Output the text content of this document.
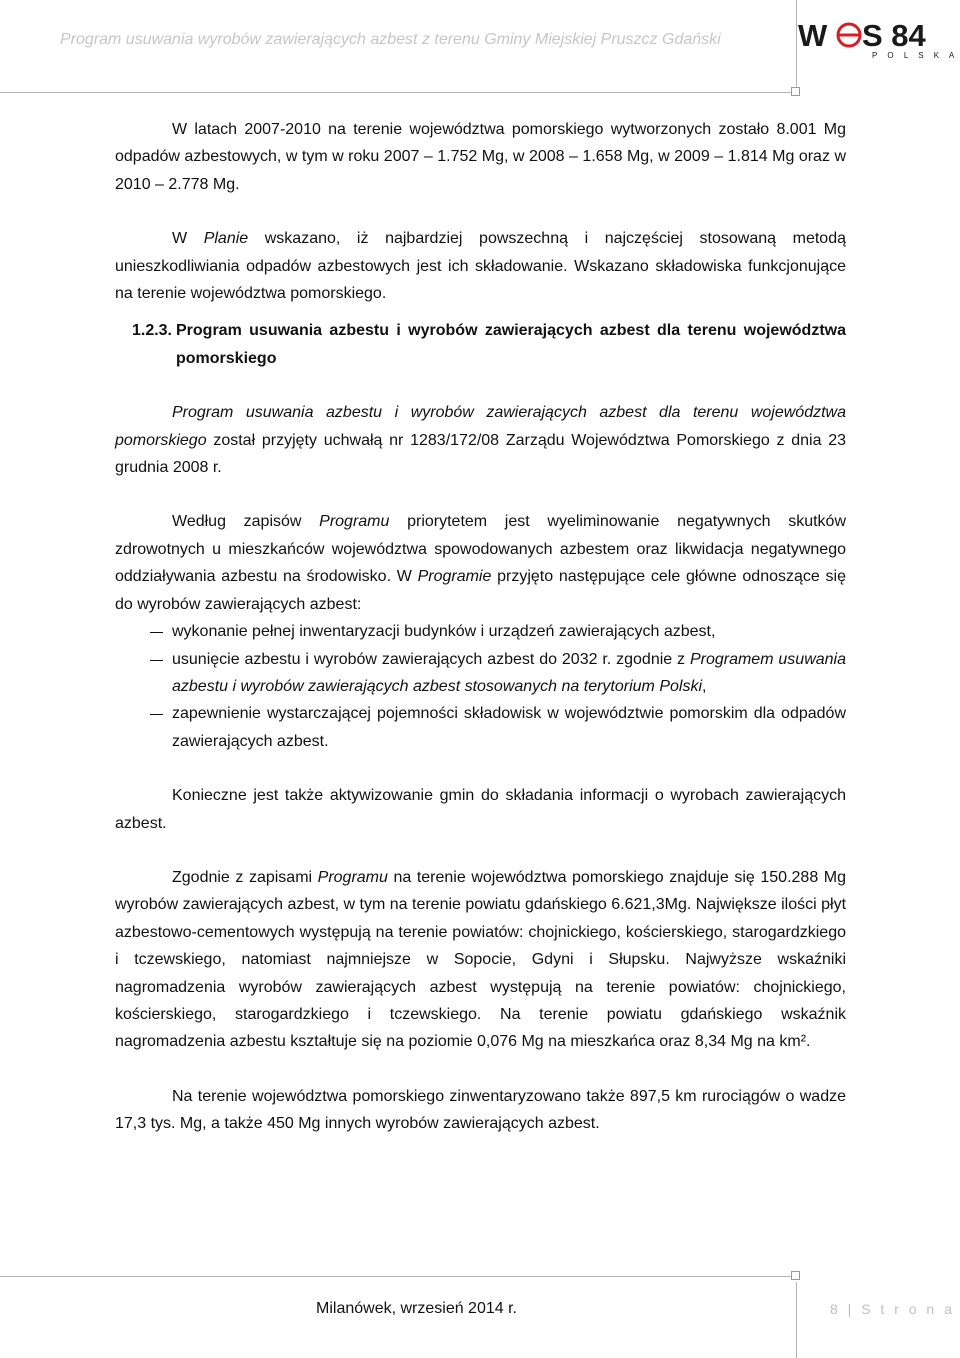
Program usuwania wyrobów zawierających azbest z terenu Gminy Miejskiej Pruszcz Gdański W S 84
P O L S K A

W latach 2007-2010 na terenie województwa pomorskiego wytworzonych zostało 8.001 Mg odpadów azbestowych, w tym w roku 2007 – 1.752 Mg, w 2008 – 1.658 Mg, w 2009 – 1.814 Mg oraz w 2010 – 2.778 Mg.

W Planie wskazano, iż najbardziej powszechną i najczęściej stosowaną metodą unieszkodliwiania odpadów azbestowych jest ich składowanie. Wskazano składowiska funkcjonujące na terenie województwa pomorskiego.

1.2.3. Program usuwania azbestu i wyrobów zawierających azbest dla terenu województwa pomorskiego

Program usuwania azbestu i wyrobów zawierających azbest dla terenu województwa pomorskiego został przyjęty uchwałą nr 1283/172/08 Zarządu Województwa Pomorskiego z dnia 23 grudnia 2008 r.

Według zapisów Programu priorytetem jest wyeliminowanie negatywnych skutków zdrowotnych u mieszkańców województwa spowodowanych azbestem oraz likwidacja negatywnego oddziaływania azbestu na środowisko. W Programie przyjęto następujące cele główne odnoszące się do wyrobów zawierających azbest:

wykonanie pełnej inwentaryzacji budynków i urządzeń zawierających azbest,
usunięcie azbestu i wyrobów zawierających azbest do 2032 r. zgodnie z Programem usuwania azbestu i wyrobów zawierających azbest stosowanych na terytorium Polski,
zapewnienie wystarczającej pojemności składowisk w województwie pomorskim dla odpadów zawierających azbest.

Konieczne jest także aktywizowanie gmin do składania informacji o wyrobach zawierających azbest.

Zgodnie z zapisami Programu na terenie województwa pomorskiego znajduje się 150.288 Mg wyrobów zawierających azbest, w tym na terenie powiatu gdańskiego 6.621,3Mg. Największe ilości płyt azbestowo-cementowych występują na terenie powiatów: chojnickiego, kościerskiego, starogardzkiego i tczewskiego, natomiast najmniejsze w Sopocie, Gdyni i Słupsku. Najwyższe wskaźniki nagromadzenia wyrobów zawierających azbest występują na terenie powiatów: chojnickiego, kościerskiego, starogardzkiego i tczewskiego. Na terenie powiatu gdańskiego wskaźnik nagromadzenia azbestu kształtuje się na poziomie 0,076 Mg na mieszkańca oraz 8,34 Mg na km².

Na terenie województwa pomorskiego zinwentaryzowano także 897,5 km rurociągów o wadze 17,3 tys. Mg, a także 450 Mg innych wyrobów zawierających azbest.

Milanówek, wrzesień 2014 r.	8 | S t r o n a
